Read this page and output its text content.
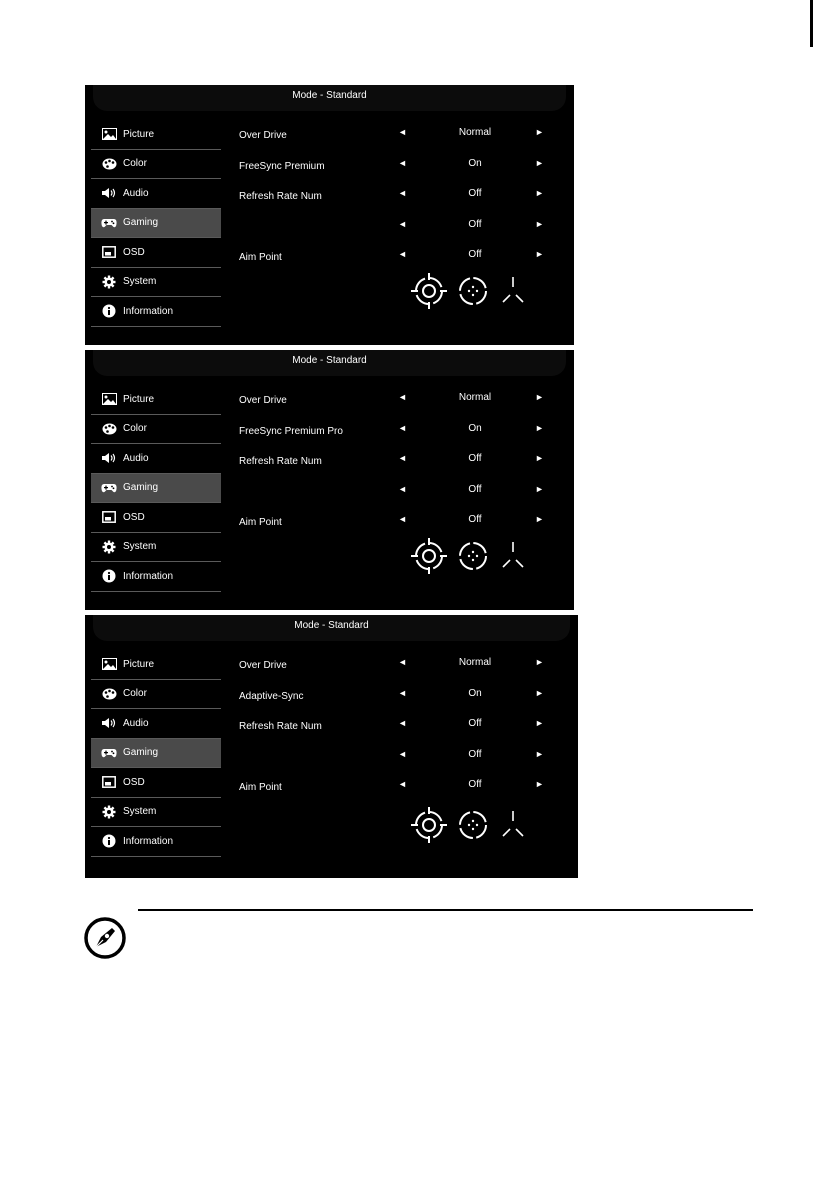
Mode - Standard
Picture
Color
Audio
Gaming
OSD
System
Information
Over Drive	◄	Normal	►
FreeSync Premium	◄	On	►
Refresh Rate Num	◄	Off	►
◄	Off	►
Aim Point	◄	Off	►
Mode - Standard
Picture
Color
Audio
Gaming
OSD
System
Information
Over Drive	◄	Normal	►
FreeSync Premium Pro	◄	On	►
Refresh Rate Num	◄	Off	►
◄	Off	►
Aim Point	◄	Off	►
Mode - Standard
Picture
Color
Audio
Gaming
OSD
System
Information
Over Drive	◄	Normal	►
Adaptive-Sync	◄	On	►
Refresh Rate Num	◄	Off	►
◄	Off	►
Aim Point	◄	Off	►
